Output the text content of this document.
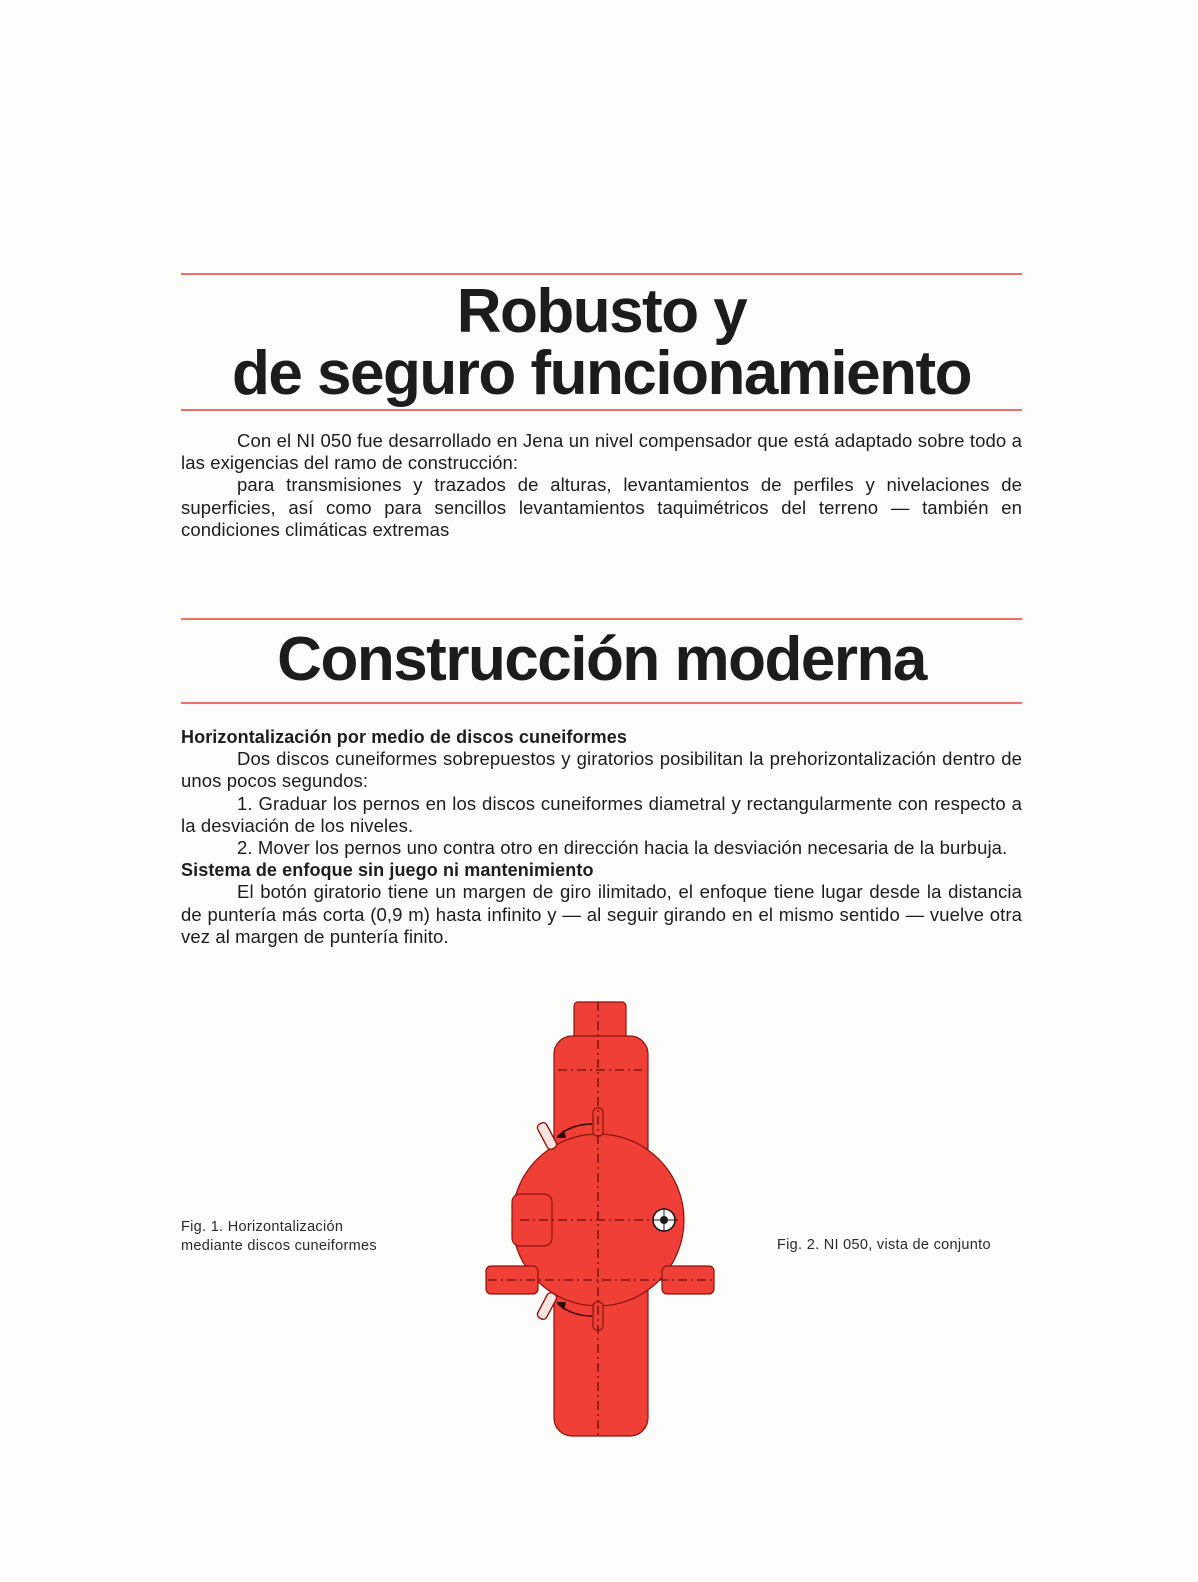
Robusto y
de seguro funcionamiento

Con el NI 050 fue desarrollado en Jena un nivel compensador que está adaptado sobre todo a las exigencias del ramo de construcción:

para transmisiones y trazados de alturas, levantamientos de perfiles y nivelaciones de superficies, así como para sencillos levantamientos taquimétricos del terreno — también en condiciones climáticas extremas

Construcción moderna

Horizontalización por medio de discos cuneiformes

Dos discos cuneiformes sobrepuestos y giratorios posibilitan la prehorizontalización dentro de unos pocos segundos:

1. Graduar los pernos en los discos cuneiformes diametral y rectangularmente con respecto a la desviación de los niveles.

2. Mover los pernos uno contra otro en dirección hacia la desviación necesaria de la burbuja.

Sistema de enfoque sin juego ni mantenimiento

El botón giratorio tiene un margen de giro ilimitado, el enfoque tiene lugar desde la distancia de puntería más corta (0,9 m) hasta infinito y — al seguir girando en el mismo sentido — vuelve otra vez al margen de puntería finito.

Fig. 1. Horizontalización
mediante discos cuneiformes	Fig. 2. NI 050, vista de conjunto
